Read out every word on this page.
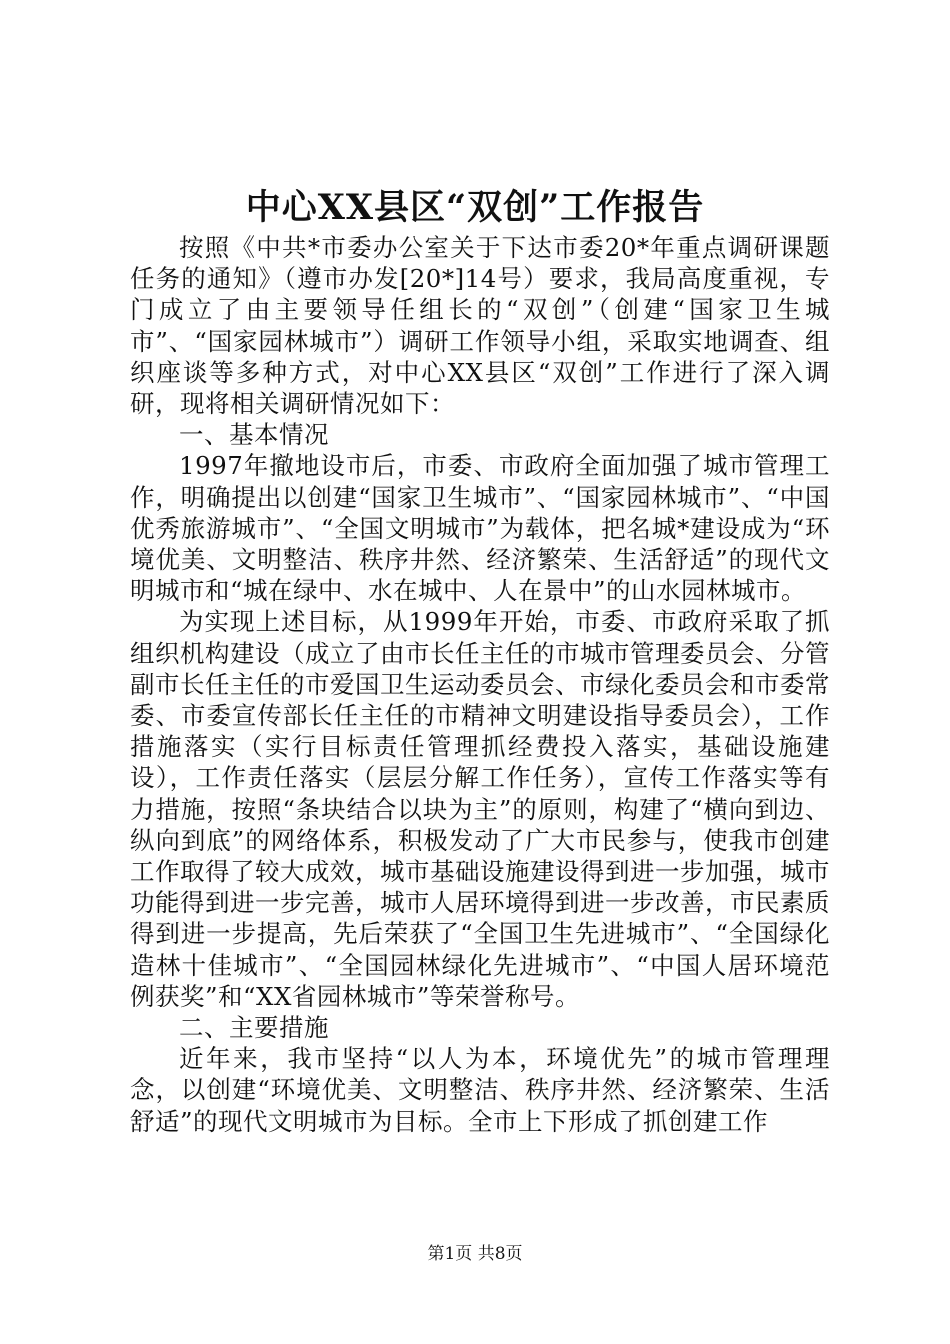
中心XX县区“双创”工作报告

按照《中共*市委办公室关于下达市委20*年重点调研课题任务的通知》（遵市办发[20*]14号）要求，我局高度重视，专门成立了由主要领导任组长的“双创”（创建“国家卫生城市”、“国家园林城市”）调研工作领导小组，采取实地调查、组织座谈等多种方式，对中心XX县区“双创”工作进行了深入调研，现将相关调研情况如下：

一、基本情况

1997年撤地设市后，市委、市政府全面加强了城市管理工作，明确提出以创建“国家卫生城市”、“国家园林城市”、“中国优秀旅游城市”、“全国文明城市”为载体，把名城*建设成为“环境优美、文明整洁、秩序井然、经济繁荣、生活舒适”的现代文明城市和“城在绿中、水在城中、人在景中”的山水园林城市。

为实现上述目标，从1999年开始，市委、市政府采取了抓组织机构建设（成立了由市长任主任的市城市管理委员会、分管副市长任主任的市爱国卫生运动委员会、市绿化委员会和市委常委、市委宣传部长任主任的市精神文明建设指导委员会），工作措施落实（实行目标责任管理抓经费投入落实，基础设施建设），工作责任落实（层层分解工作任务），宣传工作落实等有力措施，按照“条块结合以块为主”的原则，构建了“横向到边、纵向到底”的网络体系，积极发动了广大市民参与，使我市创建工作取得了较大成效，城市基础设施建设得到进一步加强，城市功能得到进一步完善，城市人居环境得到进一步改善，市民素质得到进一步提高，先后荣获了“全国卫生先进城市”、“全国绿化造林十佳城市”、“全国园林绿化先进城市”、“中国人居环境范例获奖”和“XX省园林城市”等荣誉称号。

二、主要措施

近年来，我市坚持“以人为本，环境优先”的城市管理理念，以创建“环境优美、文明整洁、秩序井然、经济繁荣、生活舒适”的现代文明城市为目标。全市上下形成了抓创建工作

第1页 共8页
